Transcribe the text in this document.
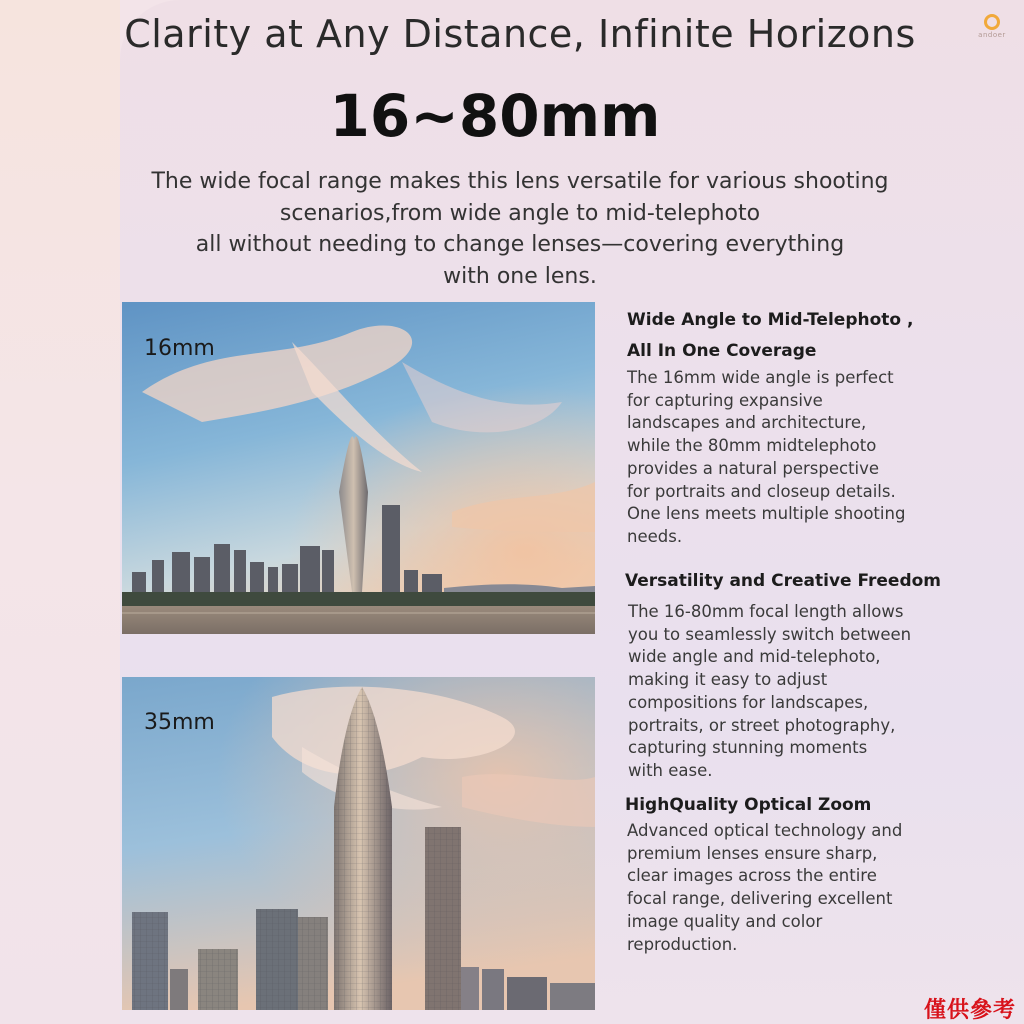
andoer
Clarity at Any Distance, Infinite Horizons
16~80mm

The wide focal range makes this lens versatile for various shooting
scenarios,from wide angle to mid-telephoto
all without needing to change lenses—covering everything
with one lens.

16mm
35mm
Wide Angle to Mid-Telephoto ,
All In One Coverage

The 16mm wide angle is perfect
for capturing expansive
landscapes and architecture,
while the 80mm midtelephoto
provides a natural perspective
for portraits and closeup details.
One lens meets multiple shooting
needs.

Versatility and Creative Freedom

The 16-80mm focal length allows
you to seamlessly switch between
wide angle and mid-telephoto,
making it easy to adjust
compositions for landscapes,
portraits, or street photography,
capturing stunning moments
with ease.

HighQuality Optical Zoom

Advanced optical technology and
premium lenses ensure sharp,
clear images across the entire
focal range, delivering excellent
image quality and color
reproduction.

僅供參考
